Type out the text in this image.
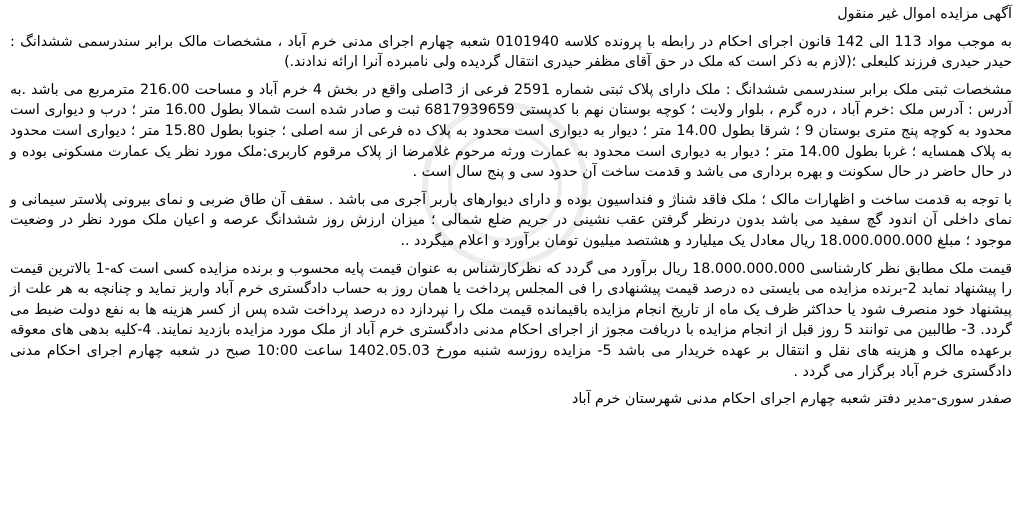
آگهی مزایده اموال غیر منقول

به موجب مواد 113 الی 142 قانون اجرای احکام در رابطه با پرونده کلاسه 0101940 شعبه چهارم اجرای مدنی خرم آباد ، مشخصات مالک برابر سندرسمی ششدانگ : حیدر حیدری فرزند کلبعلی ؛(لازم به ذکر است که ملک در حق آقای مظفر حیدری انتقال گردیده ولی نامبرده آنرا ارائه ندادند.)

مشخصات ثبتی ملک برابر سندرسمی ششدانگ : ملک دارای پلاک ثبتی شماره 2591 فرعی از 3اصلی واقع در بخش 4 خرم آباد و مساحت 216.00 مترمربع می باشد .به آدرس : آدرس ملک :خرم آباد ، دره گرم ، بلوار ولایت ؛ کوچه بوستان نهم با کدپستی 6817939659 ثبت و صادر شده است شمالا بطول 16.00 متر ؛ درب و دیواری است محدود به کوچه پنج متری بوستان 9 ؛ شرقا بطول 14.00 متر ؛ دیوار به دیواری است محدود به پلاک ده فرعی از سه اصلی ؛ جنوبا بطول 15.80 متر ؛ دیواری است محدود به پلاک همسایه ؛ غربا بطول 14.00 متر ؛ دیوار به دیواری است محدود به عمارت ورثه مرحوم غلامرضا از پلاک مرقوم کاربری:ملک مورد نظر یک عمارت مسکونی بوده و در حال حاضر در حال سکونت و بهره برداری می باشد و قدمت ساخت آن حدود سی و پنج سال است .

با توجه به قدمت ساخت و اظهارات مالک ؛ ملک فاقد شناژ و فنداسیون بوده و دارای دیوارهای باربر آجری می باشد . سقف آن طاق ضربی و نمای بیرونی پلاستر سیمانی و نمای داخلی آن اندود گچ سفید می باشد بدون درنظر گرفتن عقب نشینی در حریم ضلع شمالی ؛ میزان ارزش روز ششدانگ عرصه و اعیان ملک مورد نظر در وضعیت موجود ؛ مبلغ 18.000.000.000 ریال معادل یک میلیارد و هشتصد میلیون تومان برآورد و اعلام میگردد ..

قیمت ملک مطابق نظر کارشناسی 18.000.000.000 ریال برآورد می گردد که نظرکارشناس به عنوان قیمت پایه محسوب و برنده مزایده کسی است که-1 بالاترین قیمت را پیشنهاد نماید 2-برنده مزایده می بایستی ده درصد قیمت پیشنهادی را فی المجلس پرداخت یا همان روز به حساب دادگستری خرم آباد واریز نماید و چنانچه به هر علت از پیشنهاد خود منصرف شود یا حداکثر ظرف یک ماه از تاریخ انجام مزایده باقیمانده قیمت ملک را نپردازد ده درصد پرداخت شده پس از کسر هزینه ها به نفع دولت ضبط می گردد. 3- طالبین می توانند 5 روز قبل از انجام مزایده با دریافت مجوز از اجرای احکام مدنی دادگستری خرم آباد از ملک مورد مزایده بازدید نمایند. 4-کلیه بدهی های معوقه برعهده مالک و هزینه های نقل و انتقال بر عهده خریدار می باشد 5- مزایده روزسه شنبه مورخ 1402.05.03 ساعت 10:00 صبح در شعبه چهارم اجرای احکام مدنی دادگستری خرم آباد برگزار می گردد .

صفدر سوری-مدیر دفتر شعبه چهارم اجرای احکام مدنی شهرستان خرم آباد
